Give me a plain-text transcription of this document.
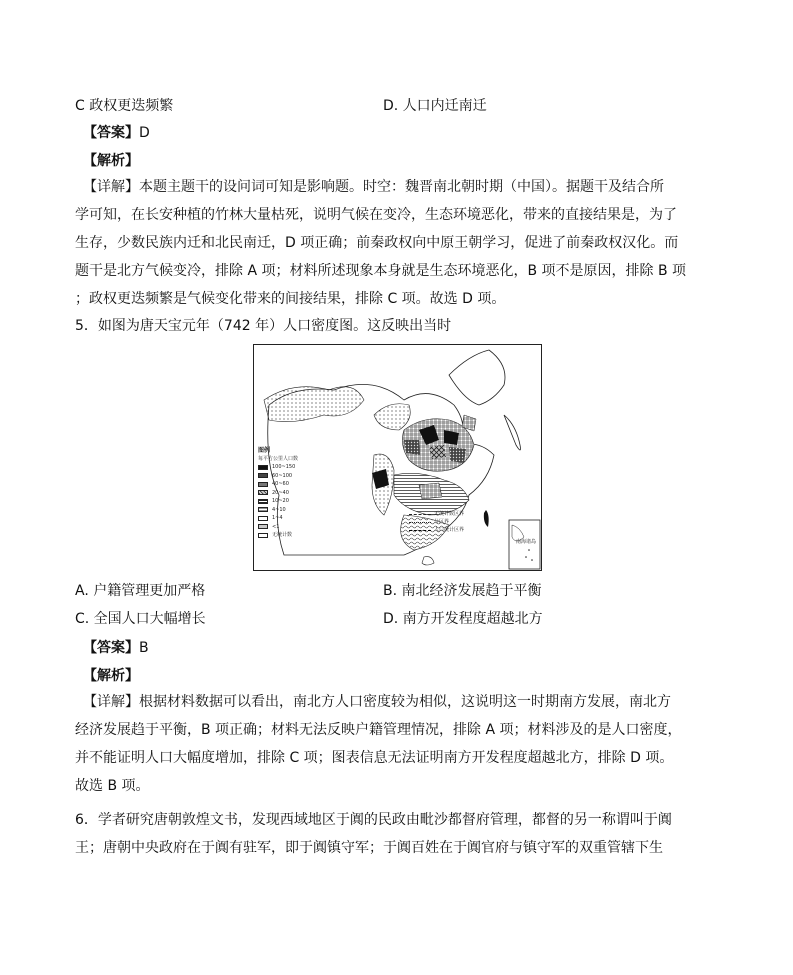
C 政权更迭频繁	D. 人口内迁南迁
【答案】D
【解析】

【详解】本题主题干的设问词可知是影响题。时空：魏晋南北朝时期（中国）。据题干及结合所

学可知，在长安种植的竹林大量枯死，说明气候在变冷，生态环境恶化，带来的直接结果是，为了

生存，少数民族内迁和北民南迁，D 项正确；前秦政权向中原王朝学习，促进了前秦政权汉化。而

题干是北方气候变冷，排除 A 项；材料所述现象本身就是生态环境恶化，B 项不是原因，排除 B 项

；政权更迭频繁是气候变化带来的间接结果，排除 C 项。故选 D 项。

5．如图为唐天宝元年（742 年）人口密度图。这反映出当时
图例
每平方公里人口数
100~150
60~100
40~60
20~40
10~20
4~10
1~4
<1
无统计数
无统计数区界
分区界
人口统计区界
南海诸岛
A. 户籍管理更加严格	B. 南北经济发展趋于平衡
C. 全国人口大幅增长	D. 南方开发程度超越北方
【答案】B
【解析】

【详解】根据材料数据可以看出，南北方人口密度较为相似，这说明这一时期南方发展，南北方

经济发展趋于平衡，B 项正确；材料无法反映户籍管理情况，排除 A 项；材料涉及的是人口密度，

并不能证明人口大幅度增加，排除 C 项；图表信息无法证明南方开发程度超越北方，排除 D 项。

故选 B 项。

6．学者研究唐朝敦煌文书，发现西域地区于阗的民政由毗沙都督府管理，都督的另一称谓叫于阗

王；唐朝中央政府在于阗有驻军，即于阗镇守军；于阗百姓在于阗官府与镇守军的双重管辖下生
